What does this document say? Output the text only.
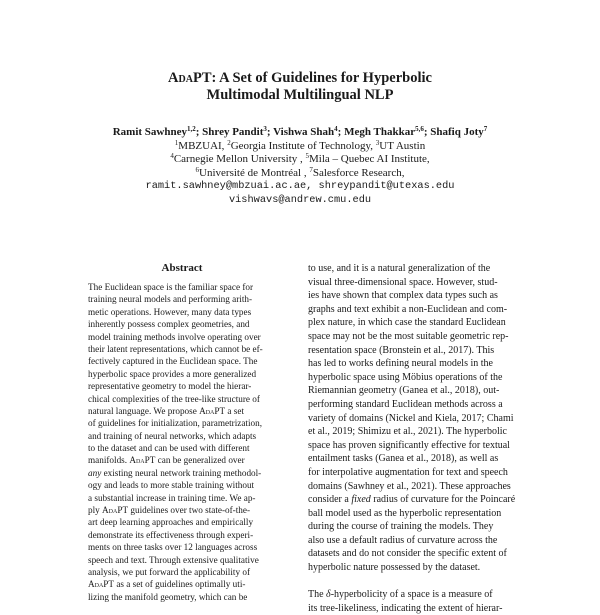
AdaPT: A Set of Guidelines for Hyperbolic
Multimodal Multilingual NLP
Ramit Sawhney$^{1,2}$; Shrey Pandit$^3$; Vishwa Shah$^4$; Megh Thakkar$^{5,6}$; Shafiq Joty$^7$
$^1$MBZUAI, $^2$Georgia Institute of Technology, $^3$UT Austin
$^4$Carnegie Mellon University , $^5$Mila – Quebec AI Institute,
$^6$Université de Montréal , $^7$Salesforce Research,
ramit.sawhney@mbzuai.ac.ae, shreypandit@utexas.edu
vishwavs@andrew.cmu.edu
Abstract
The Euclidean space is the familiar space for
training neural models and performing arith-
metic operations. However, many data types
inherently possess complex geometries, and
model training methods involve operating over
their latent representations, which cannot be ef-
fectively captured in the Euclidean space. The
hyperbolic space provides a more generalized
representative geometry to model the hierar-
chical complexities of the tree-like structure of
natural language. We propose AdaPT a set
of guidelines for initialization, parametrization,
and training of neural networks, which adapts
to the dataset and can be used with different
manifolds. AdaPT can be generalized over
any existing neural network training methodol-
ogy and leads to more stable training without
a substantial increase in training time. We ap-
ply AdaPT guidelines over two state-of-the-
art deep learning approaches and empirically
demonstrate its effectiveness through experi-
ments on three tasks over 12 languages across
speech and text. Through extensive qualitative
analysis, we put forward the applicability of
AdaPT as a set of guidelines optimally uti-
lizing the manifold geometry, which can be
to use, and it is a natural generalization of the
visual three-dimensional space. However, stud-
ies have shown that complex data types such as
graphs and text exhibit a non-Euclidean and com-
plex nature, in which case the standard Euclidean
space may not be the most suitable geometric rep-
resentation space (Bronstein et al., 2017). This
has led to works defining neural models in the
hyperbolic space using Möbius operations of the
Riemannian geometry (Ganea et al., 2018), out-
performing standard Euclidean methods across a
variety of domains (Nickel and Kiela, 2017; Chami
et al., 2019; Shimizu et al., 2021). The hyperbolic
space has proven significantly effective for textual
entailment tasks (Ganea et al., 2018), as well as
for interpolative augmentation for text and speech
domains (Sawhney et al., 2021). These approaches
consider a fixed radius of curvature for the Poincaré
ball model used as the hyperbolic representation
during the course of training the models. They
also use a default radius of curvature across the
datasets and do not consider the specific extent of
hyperbolic nature possessed by the dataset.
The δ-hyperbolicity of a space is a measure of
its tree-likeliness, indicating the extent of hierar-
